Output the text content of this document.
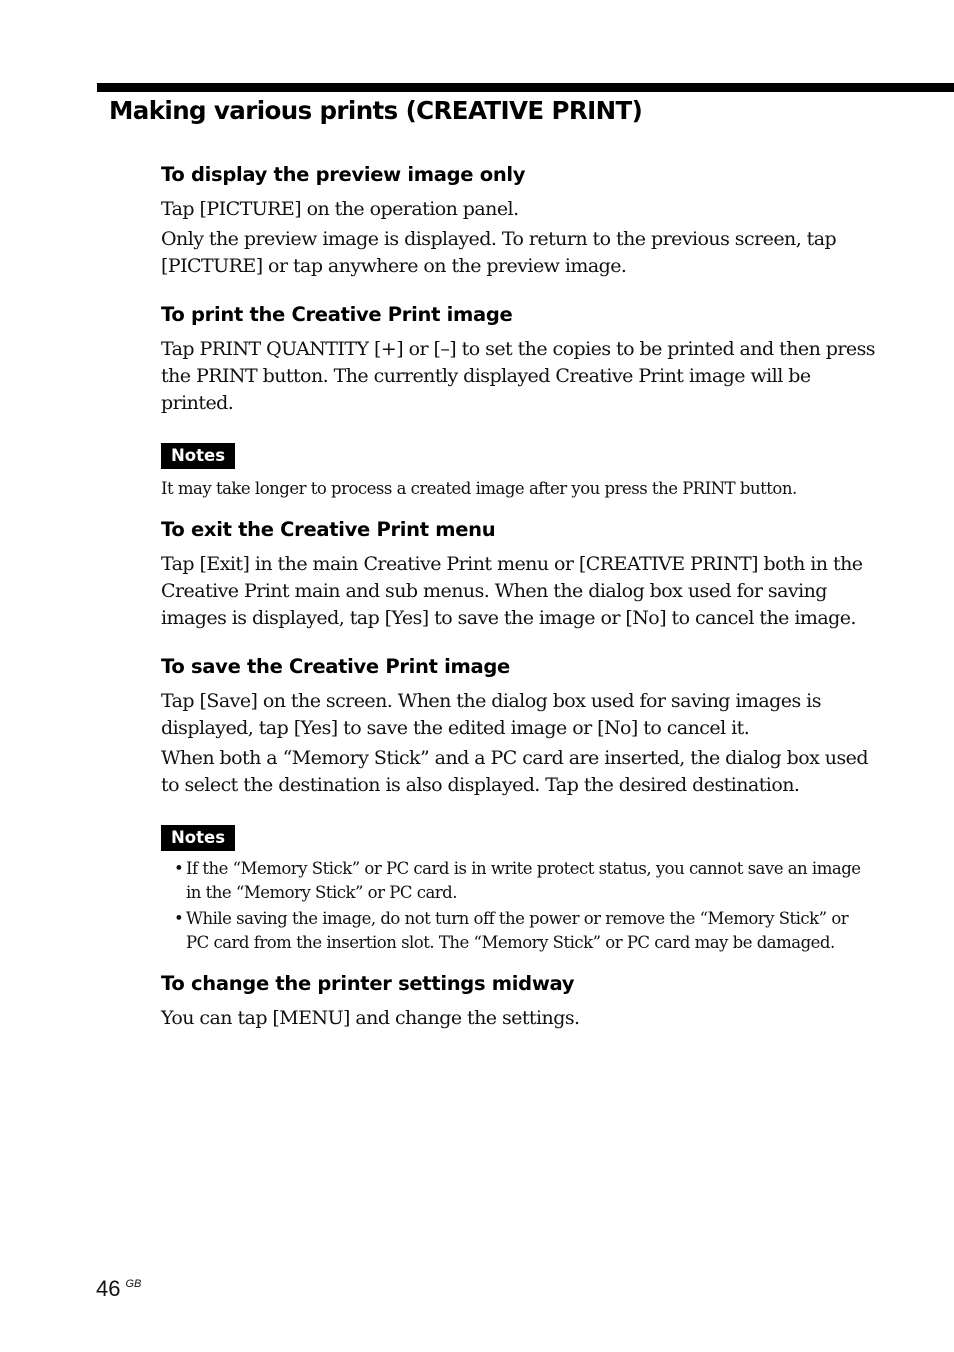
Making various prints (CREATIVE PRINT)
To display the preview image only

Tap [PICTURE] on the operation panel.

Only the preview image is displayed. To return to the previous screen, tap [PICTURE] or tap anywhere on the preview image.

To print the Creative Print image

Tap PRINT QUANTITY [+] or [–] to set the copies to be printed and then press the PRINT button. The currently displayed Creative Print image will be printed.

Notes

It may take longer to process a created image after you press the PRINT button.

To exit the Creative Print menu

Tap [Exit] in the main Creative Print menu or [CREATIVE PRINT] both in the Creative Print main and sub menus. When the dialog box used for saving images is displayed, tap [Yes] to save the image or [No] to cancel the image.

To save the Creative Print image

Tap [Save] on the screen. When the dialog box used for saving images is displayed, tap [Yes] to save the edited image or [No] to cancel it.

When both a “Memory Stick” and a PC card are inserted, the dialog box used to select the destination is also displayed. Tap the desired destination.

Notes
• If the “Memory Stick” or PC card is in write protect status, you cannot save an image in the “Memory Stick” or PC card.
• While saving the image, do not turn off the power or remove the “Memory Stick” or PC card from the insertion slot. The “Memory Stick” or PC card may be damaged.
To change the printer settings midway

You can tap [MENU] and change the settings.

46 $^{GB}$
